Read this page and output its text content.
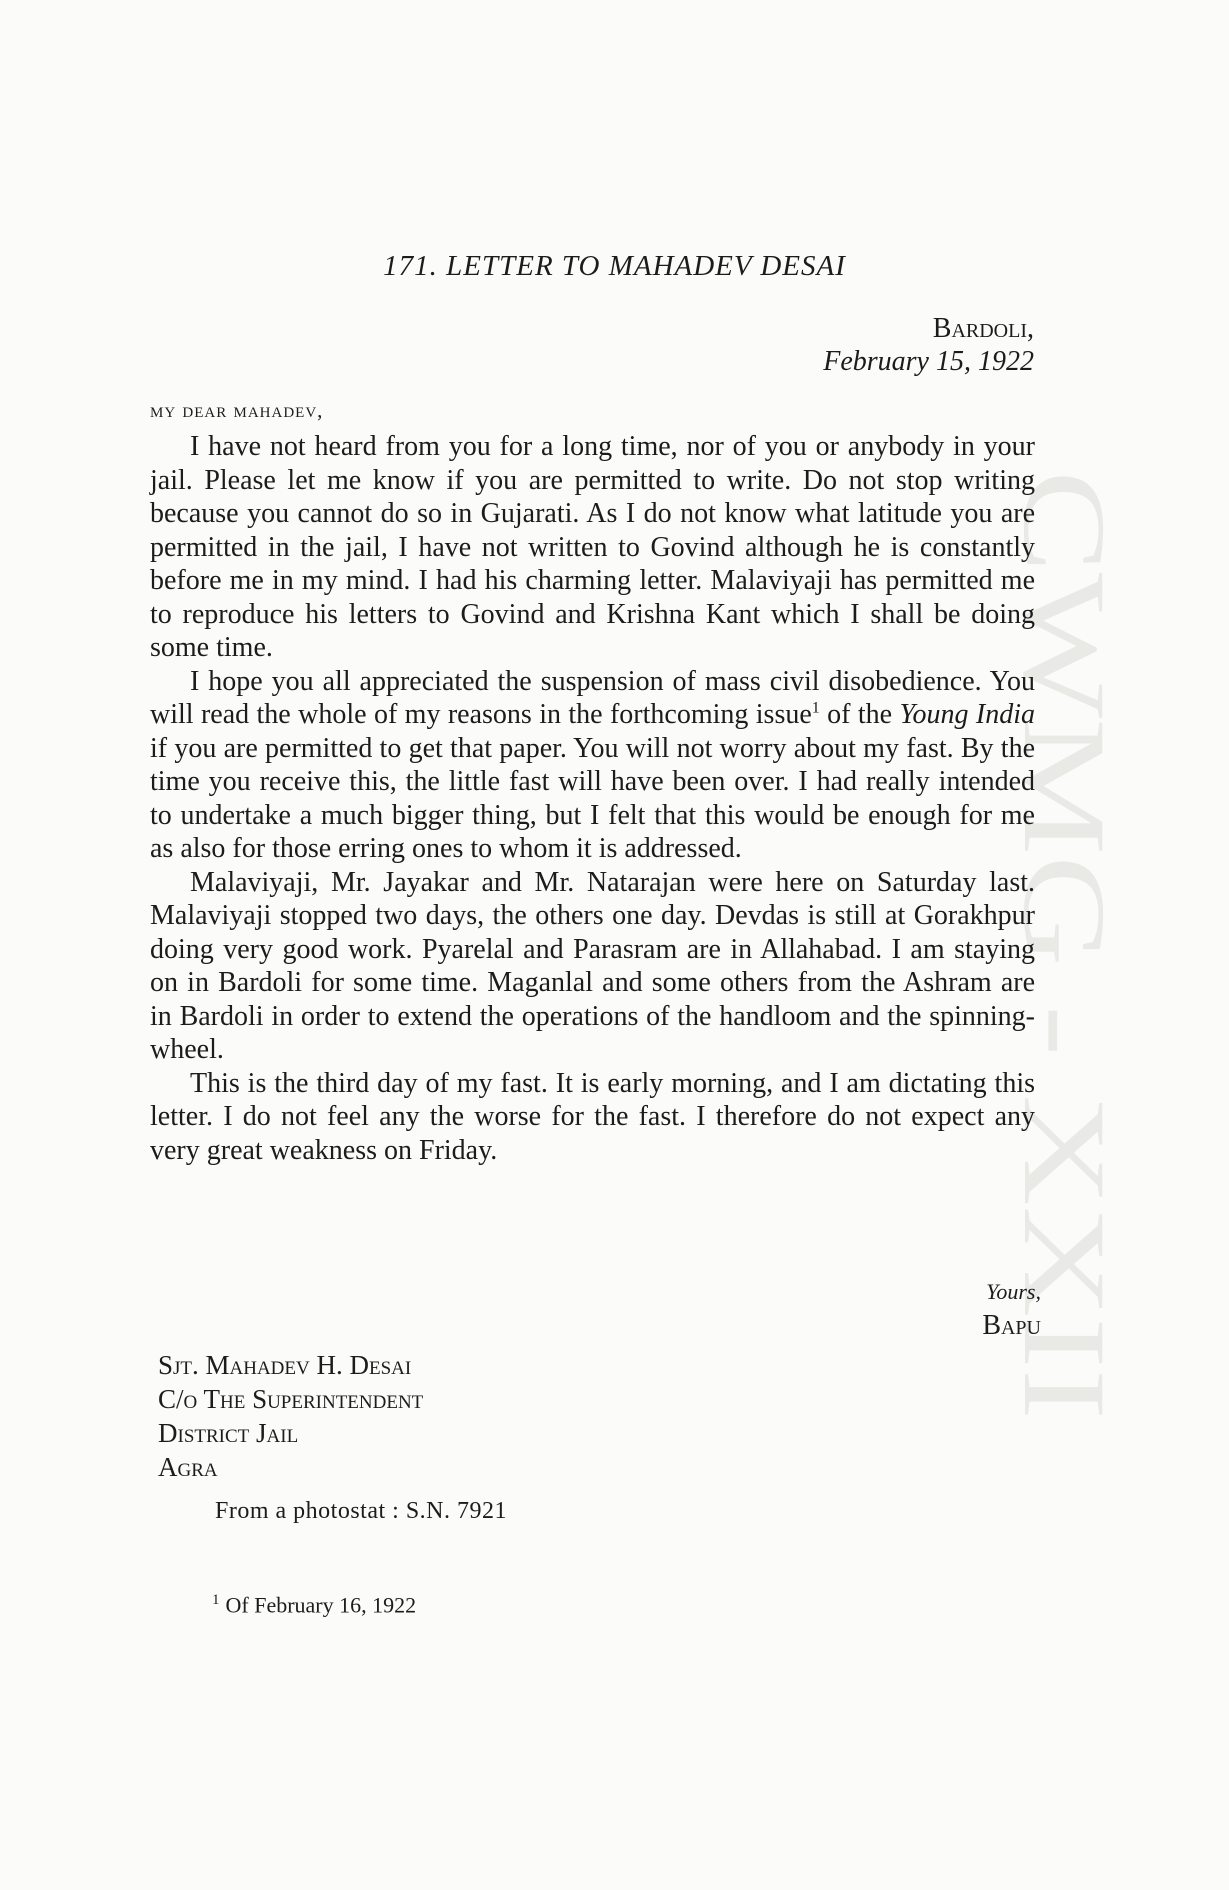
CWMG - XXII
171. LETTER TO MAHADEV DESAI
Bardoli,
February 15, 1922
my dear mahadev,

I have not heard from you for a long time, nor of you or anybody in your jail. Please let me know if you are permitted to write. Do not stop writing because you cannot do so in Gujarati. As I do not know what latitude you are permitted in the jail, I have not written to Govind although he is constantly before me in my mind. I had his charming letter. Malaviyaji has permitted me to reproduce his letters to Govind and Krishna Kant which I shall be doing some time.

I hope you all appreciated the suspension of mass civil disobedience. You will read the whole of my reasons in the forthcoming issue$^1$ of the Young India if you are permitted to get that paper. You will not worry about my fast. By the time you receive this, the little fast will have been over. I had really intended to undertake a much bigger thing, but I felt that this would be enough for me as also for those erring ones to whom it is addressed.

Malaviyaji, Mr. Jayakar and Mr. Natarajan were here on Saturday last. Malaviyaji stopped two days, the others one day. Devdas is still at Gorakhpur doing very good work. Pyarelal and Parasram are in Allahabad. I am staying on in Bardoli for some time. Maganlal and some others from the Ashram are in Bardoli in order to extend the operations of the handloom and the spinning-wheel.

This is the third day of my fast. It is early morning, and I am dictating this letter. I do not feel any the worse for the fast. I therefore do not expect any very great weakness on Friday.

Yours,
Bapu
Sjt. Mahadev H. Desai
C/o The Superintendent
District Jail
Agra
From a photostat : S.N. 7921
$^1$ Of February 16, 1922
